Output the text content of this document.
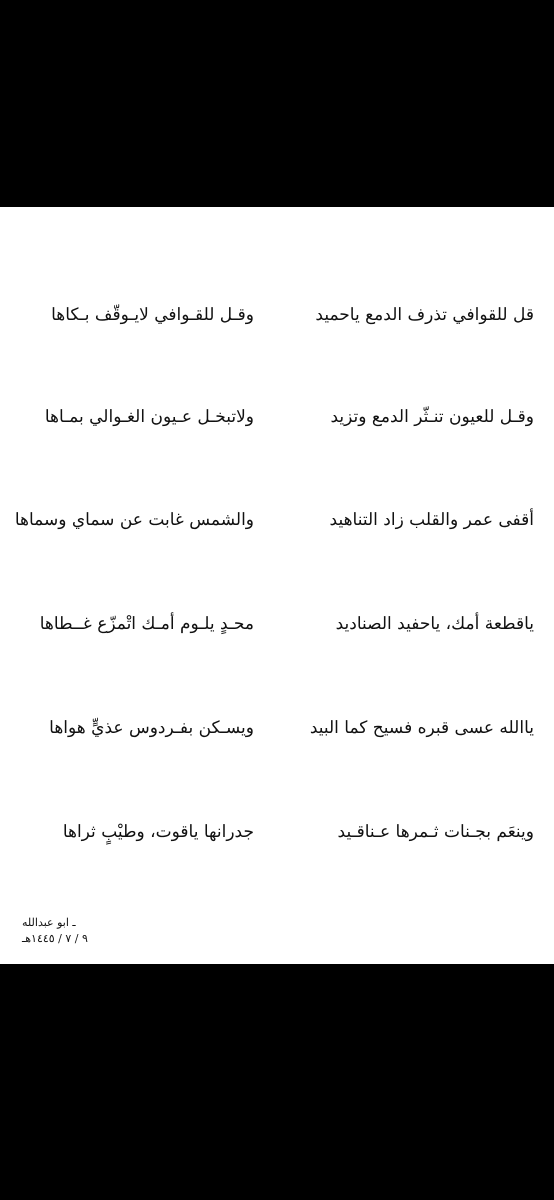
قل للقوافي تذرف الدمع ياحميد
وقـل للقـوافي لايـوقّف بـكاها
وقـل للعيون تنـثّر الدمع وتزيد
ولاتبخـل عـيون الغـوالي بمـاها
أقفى عمر والقلب زاد التناهيد
والشمس غابت عن سماي وسماها
ياقطعة أمك، ياحفيد الصناديد
محـدٍ يلـوم أمـك اتْمزّع غــطاها
ياالله عسى قبره فسيح كما البيد
ويسـكن بفـردوس عذيٍّ هواها
وينعَم بجـنات ثـمرها عـناقـيد
جدرانها ياقوت، وطيْبٍ ثراها
ـ ابو عبدالله
٩ / ٧ / ١٤٤٥هـ
